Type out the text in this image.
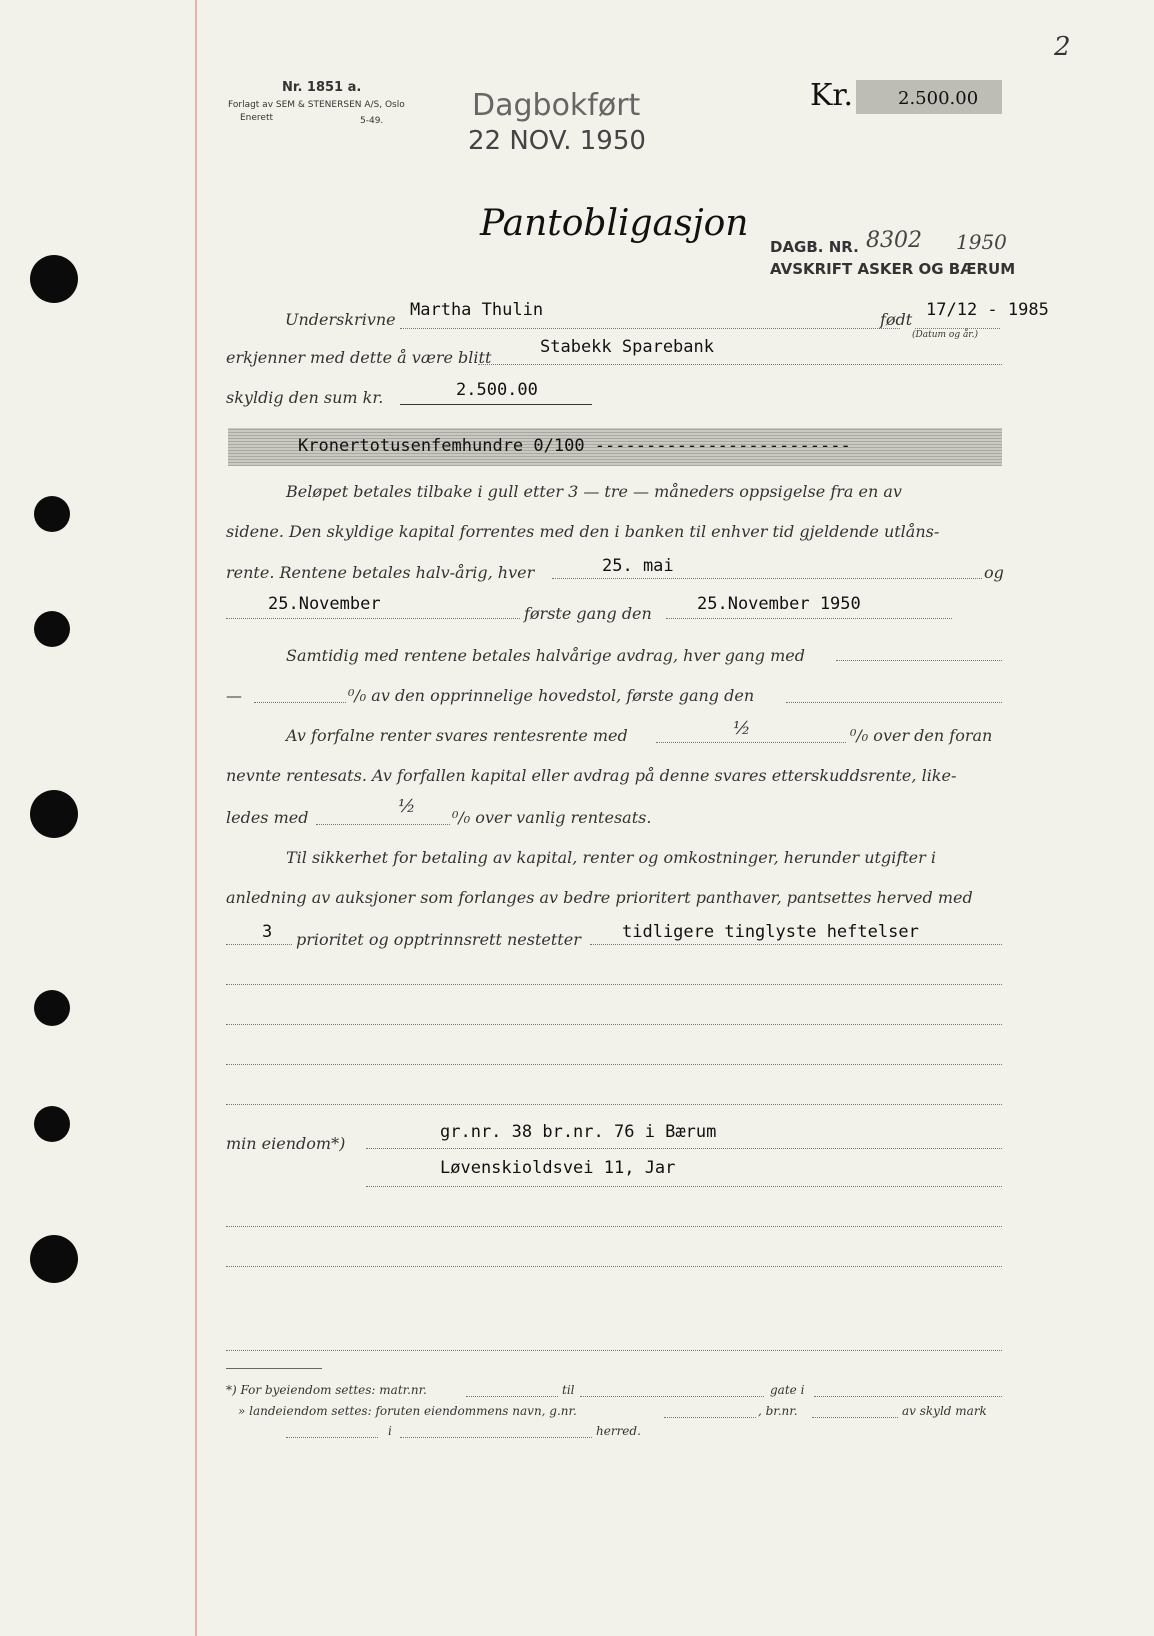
Nr. 1851 a.
Forlagt av SEM & STENERSEN A/S, Oslo
Enerett	5-49.	Dagbokført
22 NOV. 1950
Kr.	2.500.00
2
Pantobligasjon
DAGB. NR. 8302 1950
AVSKRIFT ASKER OG BÆRUM
Underskrivne Martha Thulin	født 17/12 - 1985
(Datum og år.)
erkjenner med dette å være blitt
Stabekk Sparebank
skyldig den sum kr.	2.500.00
Kronertotusenfemhundre 0/100 -------------------------
Beløpet betales tilbake i gull etter 3 — tre — måneders oppsigelse fra en av
sidene. Den skyldige kapital forrentes med den i banken til enhver tid gjeldende utlåns-
rente. Rentene betales halv-årig, hver	25. mai	og
25.November	første gang den	25.November 1950
Samtidig med rentene betales halvårige avdrag, hver gang med
—	⁰/₀ av den opprinnelige hovedstol, første gang den
Av forfalne renter svares rentesrente med	½	⁰/₀ over den foran
nevnte rentesats. Av forfallen kapital eller avdrag på denne svares etterskuddsrente, like-
ledes med
½
⁰/₀ over vanlig rentesats.
Til sikkerhet for betaling av kapital, renter og omkostninger, herunder utgifter i
anledning av auksjoner som forlanges av bedre prioritert panthaver, pantsettes herved med
3 prioritet og opptrinnsrett nestetter tidligere tinglyste heftelser
min eiendom*)
gr.nr. 38 br.nr. 76 i Bærum
Løvenskioldsvei 11, Jar
*) For byeiendom settes: matr.nr.	til	gate i
» landeiendom settes: foruten eiendommens navn, g.nr.	, br.nr.	av skyld mark
i	herred.
